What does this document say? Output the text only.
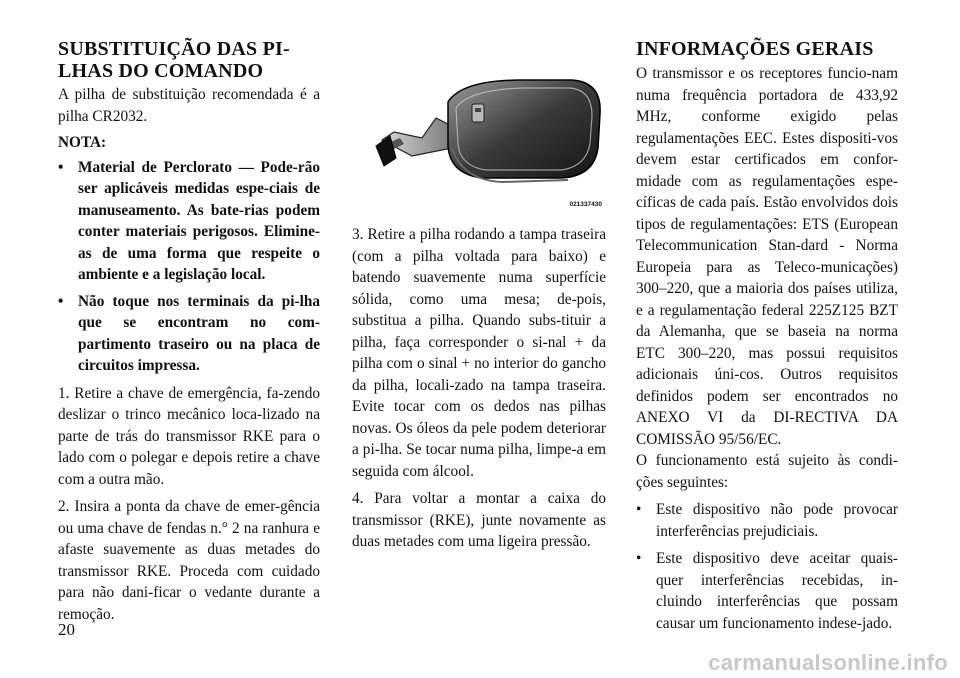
SUBSTITUIÇÃO DAS PI-
LHAS DO COMANDO

A pilha de substituição recomendada é a pilha CR2032.

NOTA:

• Material de Perclorato — Pode-rão ser aplicáveis medidas espe-ciais de manuseamento. As bate-rias podem conter materiais perigosos. Elimine-as de uma forma que respeite o ambiente e a legislação local.
• Não toque nos terminais da pi-lha que se encontram no com-partimento traseiro ou na placa de circuitos impressa.

1. Retire a chave de emergência, fa-zendo deslizar o trinco mecânico loca-lizado na parte de trás do transmissor RKE para o lado com o polegar e depois retire a chave com a outra mão.

2. Insira a ponta da chave de emer-gência ou uma chave de fendas n.° 2 na ranhura e afaste suavemente as duas metades do transmissor RKE. Proceda com cuidado para não dani-ficar o vedante durante a remoção.

021337430

3. Retire a pilha rodando a tampa traseira (com a pilha voltada para baixo) e batendo suavemente numa superfície sólida, como uma mesa; de-pois, substitua a pilha. Quando subs-tituir a pilha, faça corresponder o si-nal + da pilha com o sinal + no interior do gancho da pilha, locali-zado na tampa traseira. Evite tocar com os dedos nas pilhas novas. Os óleos da pele podem deteriorar a pi-lha. Se tocar numa pilha, limpe-a em seguida com álcool.

4. Para voltar a montar a caixa do transmissor (RKE), junte novamente as duas metades com uma ligeira pressão.

INFORMAÇÕES GERAIS

O transmissor e os receptores funcio-nam numa frequência portadora de 433,92 MHz, conforme exigido pelas regulamentações EEC. Estes dispositi-vos devem estar certificados em confor-midade com as regulamentações espe-cíficas de cada país. Estão envolvidos dois tipos de regulamentações: ETS (European Telecommunication Stan-dard - Norma Europeia para as Teleco-municações) 300–220, que a maioria dos países utiliza, e a regulamentação federal 225Z125 BZT da Alemanha, que se baseia na norma ETC 300–220, mas possui requisitos adicionais úni-cos. Outros requisitos definidos podem ser encontrados no ANEXO VI da DI-RECTIVA DA COMISSÃO 95/56/EC.

O funcionamento está sujeito às condi-ções seguintes:

• Este dispositivo não pode provocar interferências prejudiciais.
• Este dispositivo deve aceitar quais-quer interferências recebidas, in-cluindo interferências que possam causar um funcionamento indese-jado.
20
carmanualsonline.info
